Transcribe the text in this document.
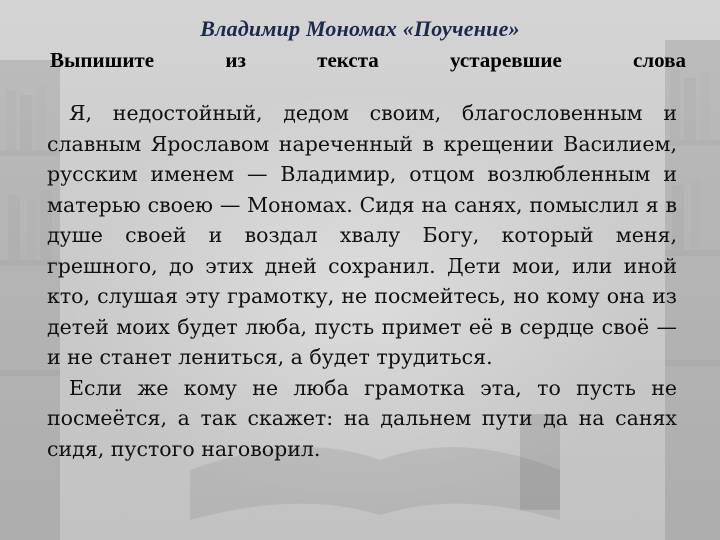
Владимир Мономах «Поучение»
Выпишите	из	текста	устаревшие	слова

Я, недостойный, дедом своим, благословенным и славным Ярославом нареченный в крещении Василием, русским именем — Владимир, отцом возлюбленным и матерью своею — Мономах. Сидя на санях, помыслил я в душе своей и воздал хвалу Богу, который меня, грешного, до этих дней сохранил. Дети мои, или иной кто, слушая эту грамотку, не посмейтесь, но кому она из детей моих будет люба, пусть примет её в сердце своё — и не станет лениться, а будет трудиться.

Если же кому не люба грамотка эта, то пусть не посмеётся, а так скажет: на дальнем пути да на санях сидя, пустого наговорил.
